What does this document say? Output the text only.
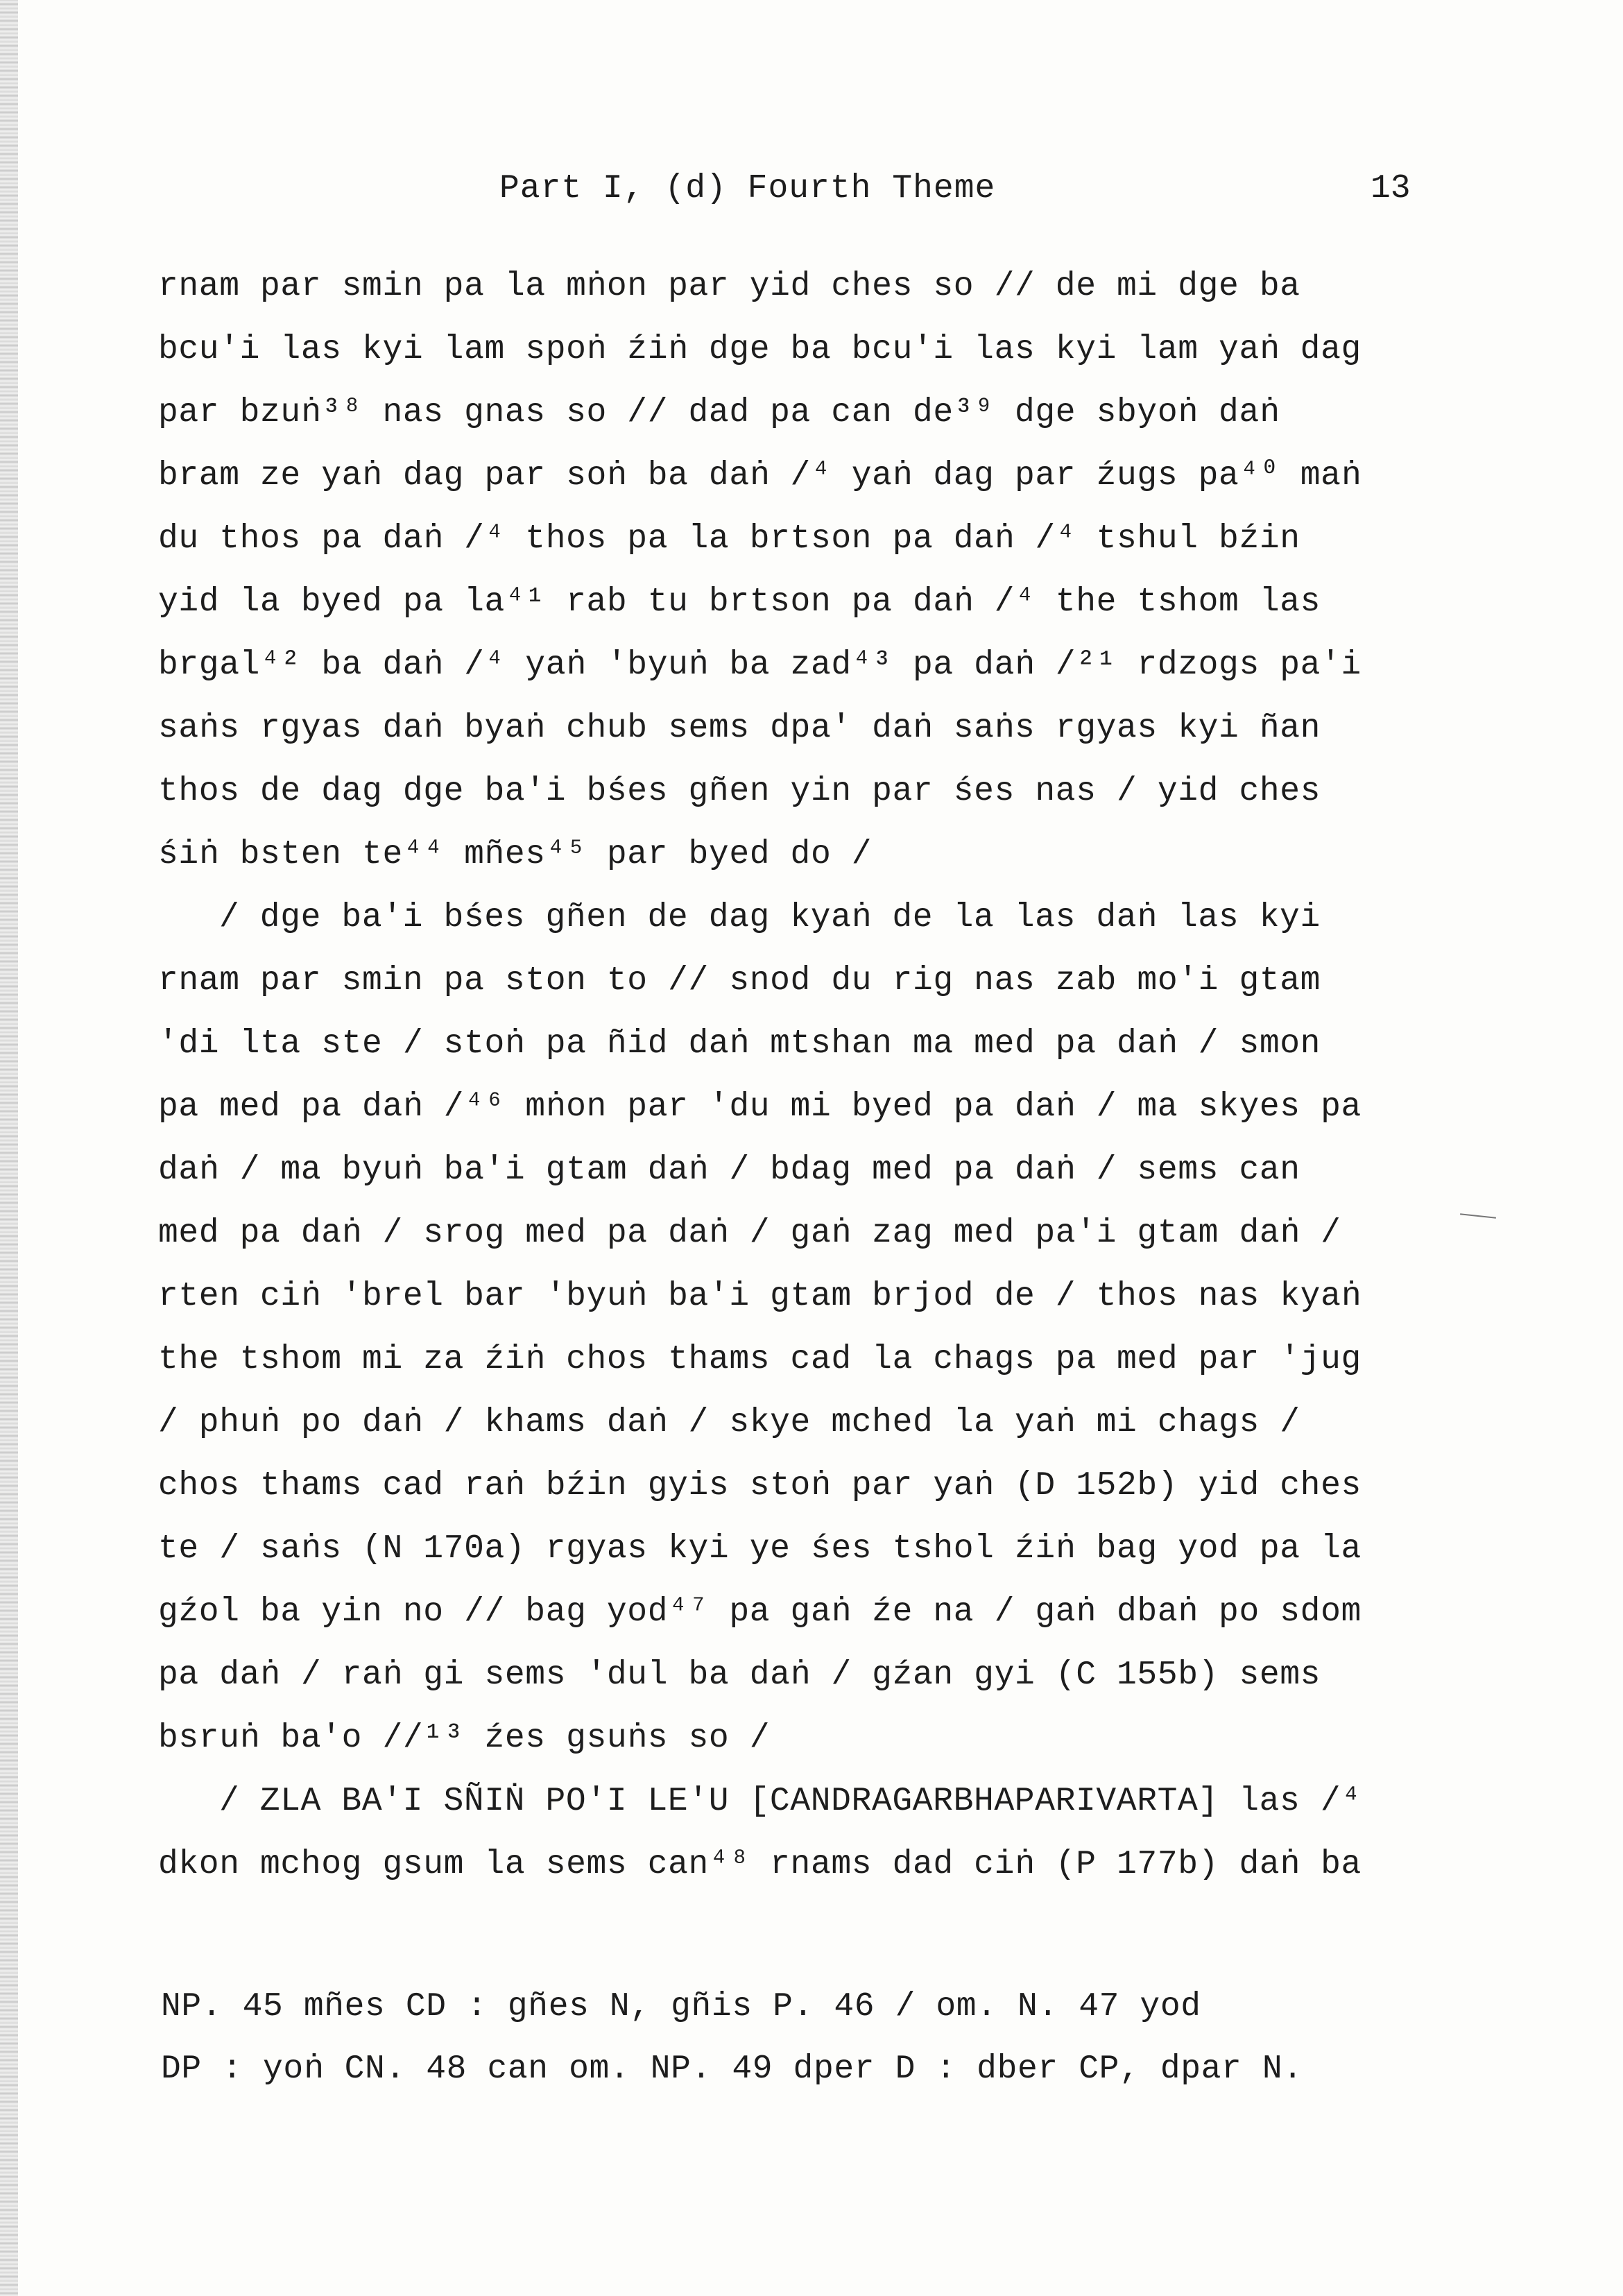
Part I, (d) Fourth Theme	13
rnam par smin pa la mṅon par yid ches so // de mi dge ba
bcu'i las kyi lam spoṅ źiṅ dge ba bcu'i las kyi lam yaṅ dag
par bzuṅ³⁸ nas gnas so // dad pa can de³⁹ dge sbyoṅ daṅ
bram ze yaṅ dag par soṅ ba daṅ /⁴ yaṅ dag par źugs pa⁴⁰ maṅ
du thos pa daṅ /⁴ thos pa la brtson pa daṅ /⁴ tshul bźin
yid la byed pa la⁴¹ rab tu brtson pa daṅ /⁴ the tshom las
brgal⁴² ba daṅ /⁴ yaṅ 'byuṅ ba zad⁴³ pa daṅ /²¹ rdzogs pa'i
saṅs rgyas daṅ byaṅ chub sems dpa' daṅ saṅs rgyas kyi ñan
thos de dag dge ba'i bśes gñen yin par śes nas / yid ches
śiṅ bsten te⁴⁴ mñes⁴⁵ par byed do /
/ dge ba'i bśes gñen de dag kyaṅ de la las daṅ las kyi
rnam par smin pa ston to // snod du rig nas zab mo'i gtam
'di lta ste / stoṅ pa ñid daṅ mtshan ma med pa daṅ / smon
pa med pa daṅ /⁴⁶ mṅon par 'du mi byed pa daṅ / ma skyes pa
daṅ / ma byuṅ ba'i gtam daṅ / bdag med pa daṅ / sems can
med pa daṅ / srog med pa daṅ / gaṅ zag med pa'i gtam daṅ /
rten ciṅ 'brel bar 'byuṅ ba'i gtam brjod de / thos nas kyaṅ
the tshom mi za źiṅ chos thams cad la chags pa med par 'jug
/ phuṅ po daṅ / khams daṅ / skye mched la yaṅ mi chags /
chos thams cad raṅ bźin gyis stoṅ par yaṅ (D 152b) yid ches
te / saṅs (N 170a) rgyas kyi ye śes tshol źiṅ bag yod pa la
gźol ba yin no // bag yod⁴⁷ pa gaṅ źe na / gaṅ dbaṅ po sdom
pa daṅ / raṅ gi sems 'dul ba daṅ / gźan gyi (C 155b) sems
bsruṅ ba'o //¹³ źes gsuṅs so /
/ ZLA BA'I SÑIṄ PO'I LE'U [CANDRAGARBHAPARIVARTA] las /⁴
dkon mchog gsum la sems can⁴⁸ rnams dad ciṅ (P 177b) daṅ ba
NP. 45 mñes CD : gñes N, gñis P. 46 / om. N. 47 yod
DP : yoṅ CN. 48 can om. NP. 49 dper D : dber CP, dpar N.
